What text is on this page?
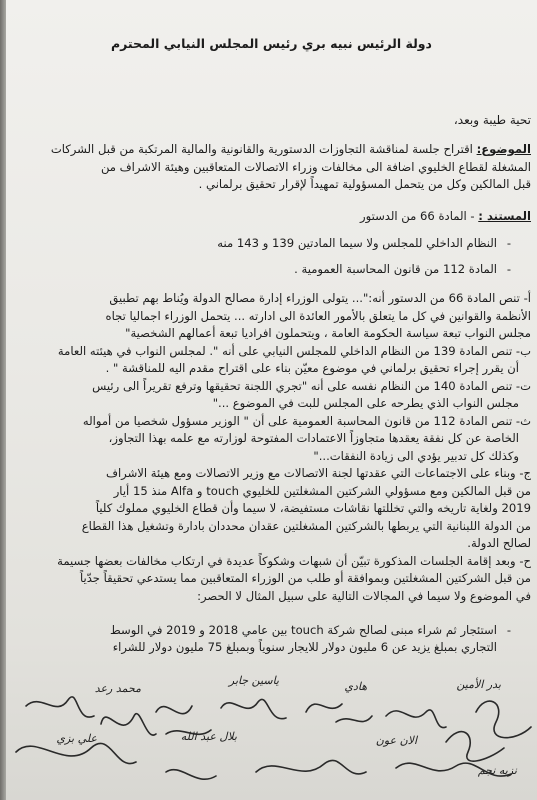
دولة الرئيس نبيه بري رئيس المجلس النيابي المحترم
تحية طيبة وبعد،
الموضوع: اقتراح جلسة لمناقشة التجاوزات الدستورية والقانونية والمالية المرتكبة من قبل الشركات
المشغلة لقطاع الخليوي اضافة الى مخالفات وزراء الاتصالات المتعاقبين وهيئة الاشراف من
قبل المالكين وكل من يتحمل المسؤولية تمهيداً لإقرار تحقيق برلماني .
المستند : - المادة 66 من الدستور
- النظام الداخلي للمجلس ولا سيما المادتين 139 و 143 منه
- المادة 112 من قانون المحاسبة العمومية .
أ- تنص المادة 66 من الدستور أنه:"... يتولى الوزراء إدارة مصالح الدولة ويُناط بهم تطبيق
الأنظمة والقوانين في كل ما يتعلق بالأمور العائدة الى ادارته ... يتحمل الوزراء اجماليا تجاه
مجلس النواب تبعة سياسة الحكومة العامة ، ويتحملون افراديا تبعة أعمالهم الشخصية"
ب- تنص المادة 139 من النظام الداخلي للمجلس النيابي على أنه ". لمجلس النواب في هيئته العامة
أن يقرر إجراء تحقيق برلماني في موضوع معيّن بناء على اقتراح مقدم اليه للمناقشة " .
ت- تنص المادة 140 من النظام نفسه على أنه "تجري اللجنة تحقيقها وترفع تقريراً الى رئيس
مجلس النواب الذي يطرحه على المجلس للبت في الموضوع ..."
ث- تنص المادة 112 من قانون المحاسبة العمومية على أن " الوزير مسؤول شخصيا من أمواله
الخاصة عن كل نفقة يعقدها متجاوزاً الاعتمادات المفتوحة لوزارته مع علمه بهذا التجاوز،
وكذلك كل تدبير يؤدي الى زيادة النفقات..."
ج- وبناء على الاجتماعات التي عقدتها لجنة الاتصالات مع وزير الاتصالات ومع هيئة الاشراف
من قبل المالكين ومع مسؤولي الشركتين المشغلتين للخليوي touch و Alfa منذ 15 أيار
2019 ولغاية تاريخه والتي تخللتها نقاشات مستفيضة، لا سيما وأن قطاع الخليوي مملوك كلياً
من الدولة اللبنانية التي يربطها بالشركتين المشغلتين عقدان محددان بادارة وتشغيل هذا القطاع
لصالح الدولة.
ح- وبعد إقامة الجلسات المذكورة تبيّن أن شبهات وشكوكاً عديدة في ارتكاب مخالفات بعضها جسيمة
من قبل الشركتين المشغلتين وبموافقة أو طلب من الوزراء المتعاقبين مما يستدعي تحقيقاً جدّياً
في الموضوع ولا سيما في المجالات التالية على سبيل المثال لا الحصر:
- استئجار ثم شراء مبنى لصالح شركة touch بين عامي 2018 و 2019 في الوسط
التجاري بمبلغ يزيد عن 6 مليون دولار للايجار سنوياً وبمبلغ 75 مليون دولار للشراء
بدر الأمين
هادي
ياسين جابر
محمد رعد
الان عون
بلال عبد الله
علي بزي
نزيه نجم
